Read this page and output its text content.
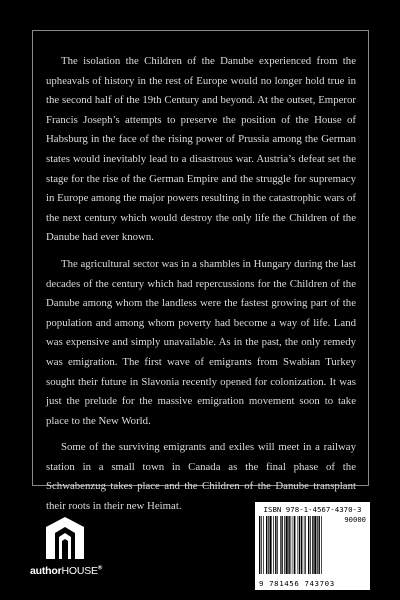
The isolation the Children of the Danube experienced from the upheavals of history in the rest of Europe would no longer hold true in the second half of the 19th Century and beyond. At the outset, Emperor Francis Joseph’s attempts to preserve the position of the House of Habsburg in the face of the rising power of Prussia among the German states would inevitably lead to a disastrous war. Austria’s defeat set the stage for the rise of the German Empire and the struggle for supremacy in Europe among the major powers resulting in the catastrophic wars of the next century which would destroy the only life the Children of the Danube had ever known.

The agricultural sector was in a shambles in Hungary during the last decades of the century which had repercussions for the Children of the Danube among whom the landless were the fastest growing part of the population and among whom poverty had become a way of life. Land was expensive and simply unavailable. As in the past, the only remedy was emigration. The first wave of emigrants from Swabian Turkey sought their future in Slavonia recently opened for colonization. It was just the prelude for the massive emigration movement soon to take place to the New World.

Some of the surviving emigrants and exiles will meet in a railway station in a small town in Canada as the final phase of the Schwabenzug takes place and the Children of the Danube transplant their roots in their new Heimat.

authorHOUSE®
ISBN 978-1-4567-4370-3
90000
9 781456 743703
